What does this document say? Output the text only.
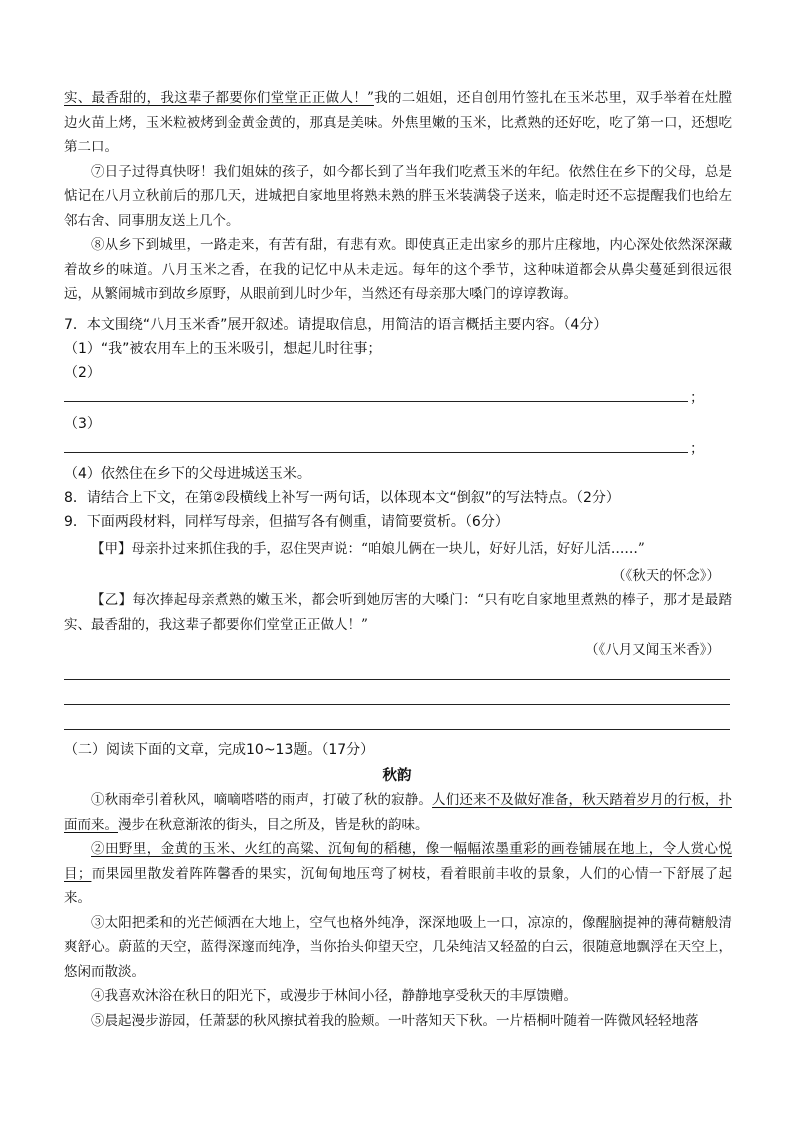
实、最香甜的，我这辈子都要你们堂堂正正做人！”我的二姐姐，还自创用竹签扎在玉米芯里，双手举着在灶膛边火苗上烤，玉米粒被烤到金黄金黄的，那真是美味。外焦里嫩的玉米，比煮熟的还好吃，吃了第一口，还想吃第二口。

⑦日子过得真快呀！我们姐妹的孩子，如今都长到了当年我们吃煮玉米的年纪。依然住在乡下的父母，总是惦记在八月立秋前后的那几天，进城把自家地里将熟未熟的胖玉米装满袋子送来，临走时还不忘提醒我们也给左邻右舍、同事朋友送上几个。

⑧从乡下到城里，一路走来，有苦有甜，有悲有欢。即使真正走出家乡的那片庄稼地，内心深处依然深深藏着故乡的味道。八月玉米之香，在我的记忆中从未走远。每年的这个季节，这种味道都会从鼻尖蔓延到很远很远，从繁闹城市到故乡原野，从眼前到儿时少年，当然还有母亲那大嗓门的谆谆教诲。

7．本文围绕“八月玉米香”展开叙述。请提取信息，用简洁的语言概括主要内容。（4分）
（1）“我”被农用车上的玉米吸引，想起儿时往事；
（2）
；
（3）
；
（4）依然住在乡下的父母进城送玉米。
8．请结合上下文，在第②段横线上补写一两句话，以体现本文“倒叙”的写法特点。（2分）
9．下面两段材料，同样写母亲，但描写各有侧重，请简要赏析。（6分）

【甲】母亲扑过来抓住我的手，忍住哭声说：“咱娘儿俩在一块儿，好好儿活，好好儿活……”

（《秋天的怀念》）

【乙】每次捧起母亲煮熟的嫩玉米，都会听到她厉害的大嗓门：“只有吃自家地里煮熟的棒子，那才是最踏实、最香甜的，我这辈子都要你们堂堂正正做人！”

（《八月又闻玉米香》）
（二）阅读下面的文章，完成10~13题。（17分）
秋韵

①秋雨牵引着秋风，嘀嘀嗒嗒的雨声，打破了秋的寂静。人们还来不及做好准备，秋天踏着岁月的行板，扑面而来。漫步在秋意渐浓的街头，目之所及，皆是秋的韵味。

②田野里，金黄的玉米、火红的高粱、沉甸甸的稻穗，像一幅幅浓墨重彩的画卷铺展在地上，令人赏心悦目；而果园里散发着阵阵馨香的果实，沉甸甸地压弯了树枝，看着眼前丰收的景象，人们的心情一下舒展了起来。

③太阳把柔和的光芒倾洒在大地上，空气也格外纯净，深深地吸上一口，凉凉的，像醒脑提神的薄荷糖般清爽舒心。蔚蓝的天空，蓝得深邃而纯净，当你抬头仰望天空，几朵纯洁又轻盈的白云，很随意地飘浮在天空上，悠闲而散淡。

④我喜欢沐浴在秋日的阳光下，或漫步于林间小径，静静地享受秋天的丰厚馈赠。

⑤晨起漫步游园，任萧瑟的秋风擦拭着我的脸颊。一叶落知天下秋。一片梧桐叶随着一阵微风轻轻地落
